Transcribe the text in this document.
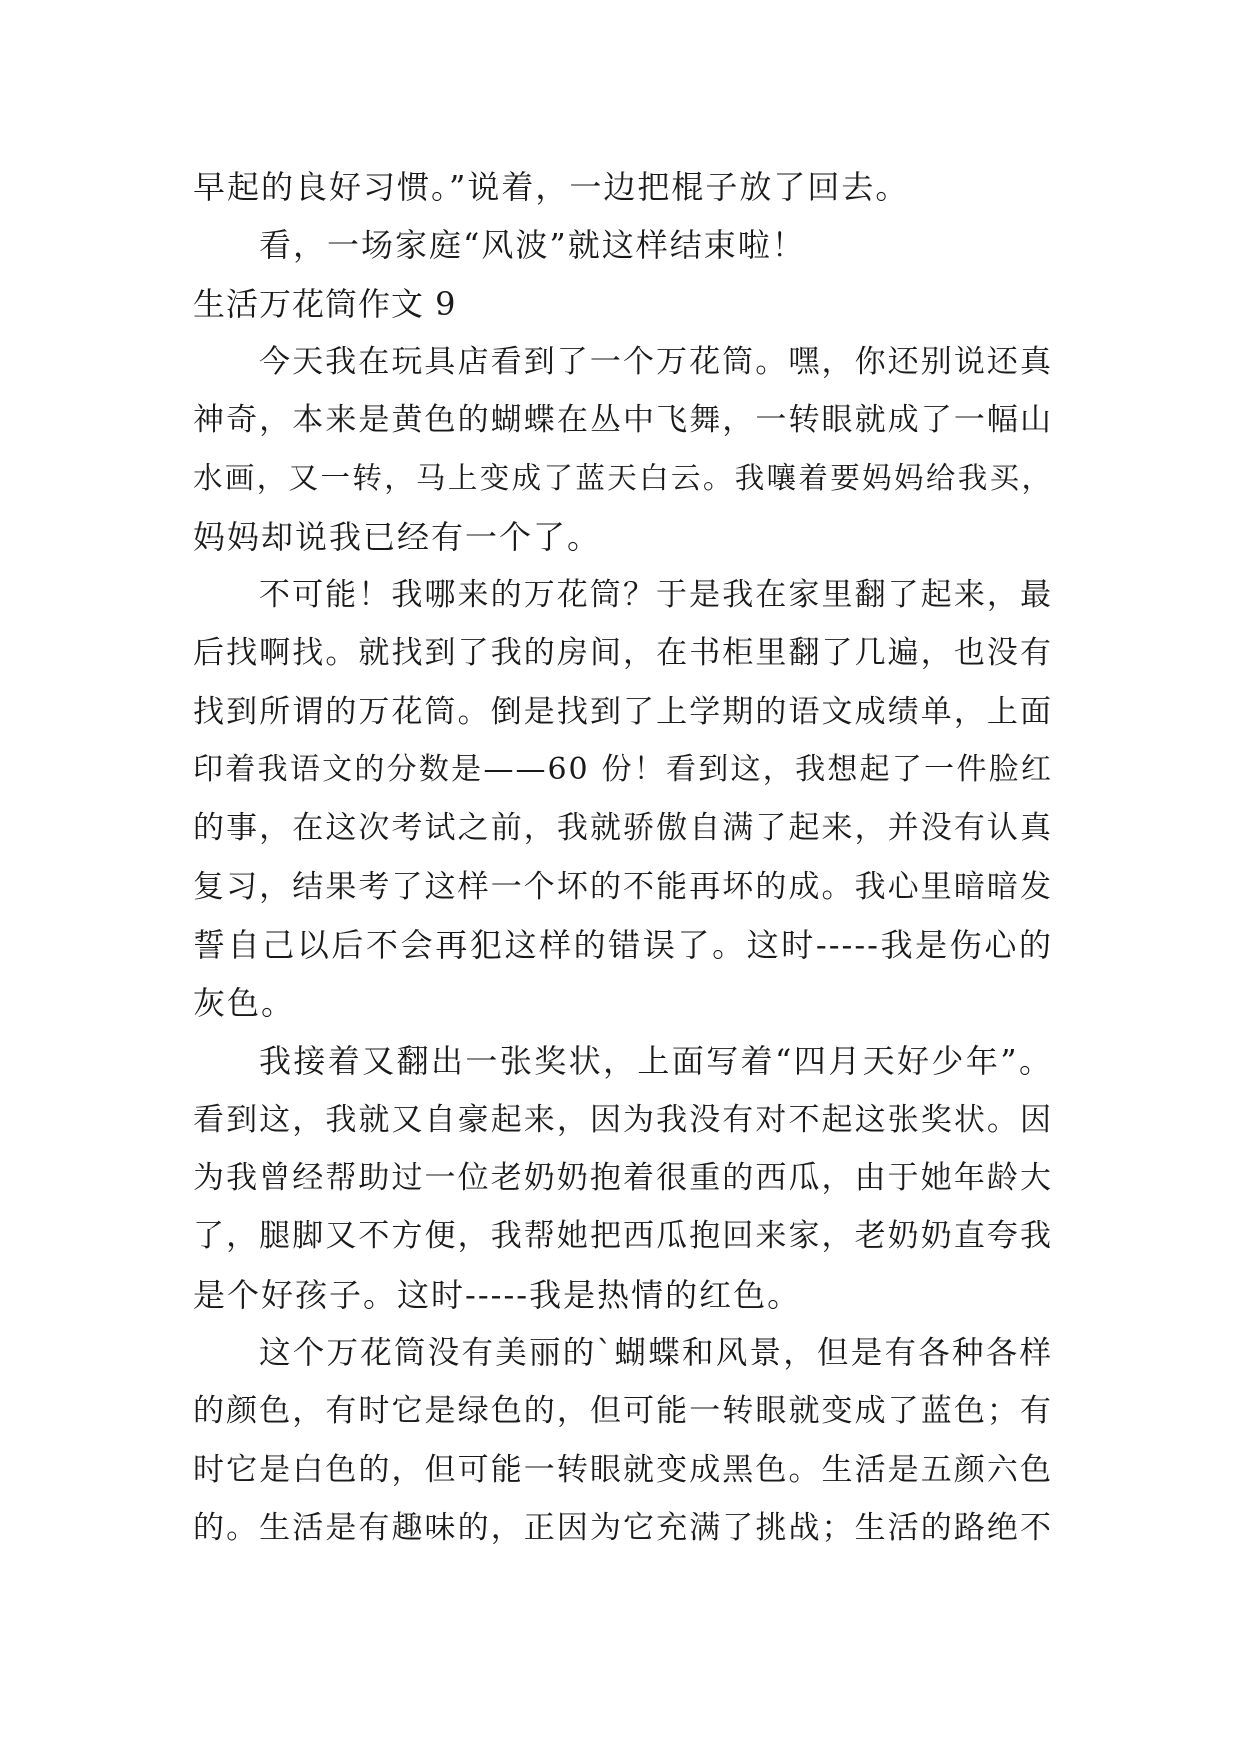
早起的良好习惯。”说着，一边把棍子放了回去。
看，一场家庭“风波”就这样结束啦！
生活万花筒作文 9
今天我在玩具店看到了一个万花筒。嘿，你还别说还真
神奇，本来是黄色的蝴蝶在丛中飞舞，一转眼就成了一幅山
水画，又一转，马上变成了蓝天白云。我嚷着要妈妈给我买，
妈妈却说我已经有一个了。
不可能！我哪来的万花筒？于是我在家里翻了起来，最
后找啊找。就找到了我的房间，在书柜里翻了几遍，也没有
找到所谓的万花筒。倒是找到了上学期的语文成绩单，上面
印着我语文的分数是——60 份！看到这，我想起了一件脸红
的事，在这次考试之前，我就骄傲自满了起来，并没有认真
复习，结果考了这样一个坏的不能再坏的成。我心里暗暗发
誓自己以后不会再犯这样的错误了。这时-----我是伤心的
灰色。
我接着又翻出一张奖状，上面写着“四月天好少年”。
看到这，我就又自豪起来，因为我没有对不起这张奖状。因
为我曾经帮助过一位老奶奶抱着很重的西瓜，由于她年龄大
了，腿脚又不方便，我帮她把西瓜抱回来家，老奶奶直夸我
是个好孩子。这时-----我是热情的红色。
这个万花筒没有美丽的`蝴蝶和风景，但是有各种各样
的颜色，有时它是绿色的，但可能一转眼就变成了蓝色；有
时它是白色的，但可能一转眼就变成黑色。生活是五颜六色
的。生活是有趣味的，正因为它充满了挑战；生活的路绝不
